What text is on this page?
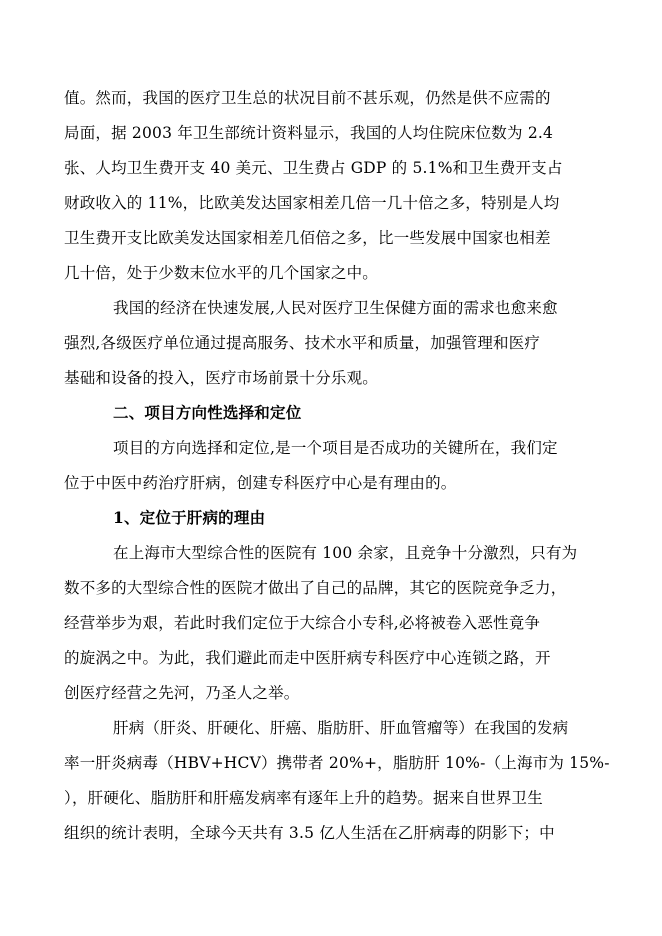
值。然而，我国的医疗卫生总的状况目前不甚乐观，仍然是供不应需的
局面，据 2003 年卫生部统计资料显示，我国的人均住院床位数为 2.4
张、人均卫生费开支 40 美元、卫生费占 GDP 的 5.1%和卫生费开支占
财政收入的 11%，比欧美发达国家相差几倍一几十倍之多，特别是人均
卫生费开支比欧美发达国家相差几佰倍之多，比一些发展中国家也相差
几十倍，处于少数末位水平的几个国家之中。
我国的经济在快速发展,人民对医疗卫生保健方面的需求也愈来愈
强烈,各级医疗单位通过提高服务、技术水平和质量，加强管理和医疗
基础和设备的投入，医疗市场前景十分乐观。
二、项目方向性选择和定位
项目的方向选择和定位,是一个项目是否成功的关键所在，我们定
位于中医中药治疗肝病，创建专科医疗中心是有理由的。
1、定位于肝病的理由
在上海市大型综合性的医院有 100 余家，且竞争十分激烈，只有为
数不多的大型综合性的医院才做出了自己的品牌，其它的医院竞争乏力，
经营举步为艰，若此时我们定位于大综合小专科,必将被卷入恶性竟争
的旋涡之中。为此，我们避此而走中医肝病专科医疗中心连锁之路，开
创医疗经营之先河，乃圣人之举。
肝病（肝炎、肝硬化、肝癌、脂肪肝、肝血管瘤等）在我国的发病
率一肝炎病毒（HBV+HCV）携带者 20%+，脂肪肝 10%-（上海市为 15%-
），肝硬化、脂肪肝和肝癌发病率有逐年上升的趋势。据来自世界卫生
组织的统计表明，全球今天共有 3.5 亿人生活在乙肝病毒的阴影下；中
